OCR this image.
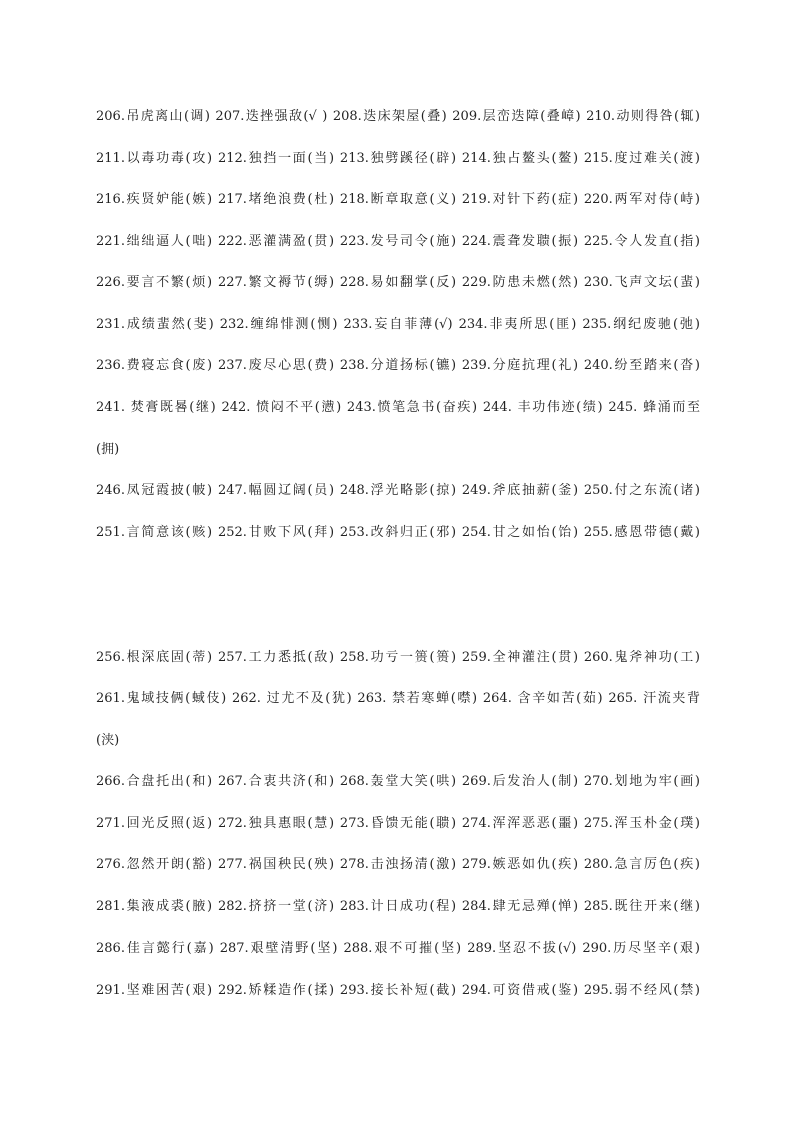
206.吊虎离山(调) 207.迭挫强敌(√ ) 208.迭床架屋(叠) 209.层峦迭障(叠嶂) 210.动则得咎(辄)
211.以毒功毒(攻) 212.独挡一面(当) 213.独劈蹊径(辟) 214.独占鳌头(鳌) 215.度过难关(渡)
216.疾贤妒能(嫉) 217.堵绝浪费(杜) 218.断章取意(义) 219.对针下药(症) 220.两军对侍(峙)
221.绌绌逼人(咄) 222.恶灌满盈(贯) 223.发号司令(施) 224.震聋发聩(振) 225.令人发直(指)
226.要言不繁(烦) 227.繁文褥节(缛) 228.易如翻掌(反) 229.防患未燃(然) 230.飞声文坛(蜚)
231.成绩蜚然(斐) 232.缠绵悱测(恻) 233.妄自菲薄(√) 234.非夷所思(匪) 235.纲纪废驰(弛)
236.费寝忘食(废) 237.废尽心思(费) 238.分道扬标(镳) 239.分庭抗理(礼) 240.纷至踏来(沓)
241. 焚膏既晷(继) 242. 愤闷不平(懑) 243.愤笔急书(奋疾) 244. 丰功伟迹(绩) 245. 蜂涌而至
(拥)
246.凤冠霞披(帔) 247.幅圆辽阔(员) 248.浮光略影(掠) 249.斧底抽薪(釜) 250.付之东流(诸)
251.言简意该(赅) 252.甘败下风(拜) 253.改斜归正(邪) 254.甘之如怡(饴) 255.感恩带德(戴)
256.根深底固(蒂) 257.工力悉抵(敌) 258.功亏一篑(篑) 259.全神灌注(贯) 260.鬼斧神功(工)
261.鬼域技俩(蜮伎) 262. 过尤不及(犹) 263. 禁若寒蝉(噤) 264. 含辛如苦(茹) 265. 汗流夹背
(浃)
266.合盘托出(和) 267.合衷共济(和) 268.轰堂大笑(哄) 269.后发治人(制) 270.划地为牢(画)
271.回光反照(返) 272.独具惠眼(慧) 273.昏馈无能(聩) 274.浑浑恶恶(噩) 275.浑玉朴金(璞)
276.忽然开朗(豁) 277.祸国秧民(殃) 278.击浊扬清(激) 279.嫉恶如仇(疾) 280.急言厉色(疾)
281.集液成裘(腋) 282.挤挤一堂(济) 283.计日成功(程) 284.肆无忌殚(惮) 285.既往开来(继)
286.佳言懿行(嘉) 287.艰壁清野(坚) 288.艰不可摧(坚) 289.坚忍不拔(√) 290.历尽坚辛(艰)
291.坚难困苦(艰) 292.矫糅造作(揉) 293.接长补短(截) 294.可资借戒(鉴) 295.弱不经风(禁)
